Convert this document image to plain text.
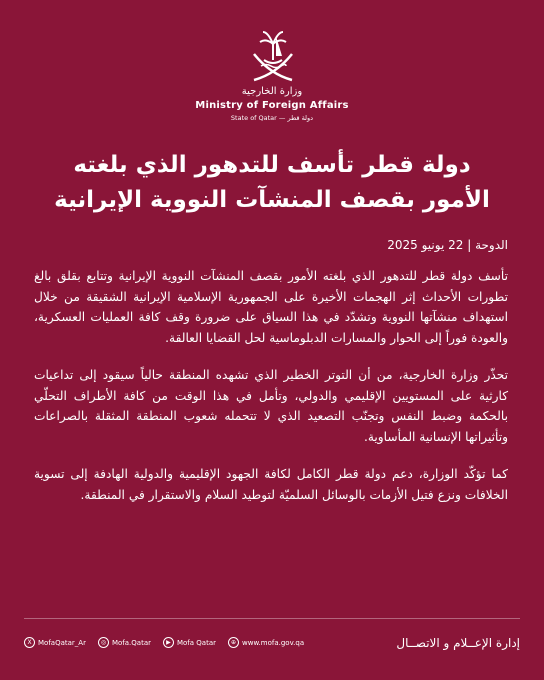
وزارة الخارجية
Ministry of Foreign Affairs
State of Qatar — دولة قطر
دولة قطر تأسف للتدهور الذي بلغته الأمور بقصف المنشآت النووية الإيرانية
الدوحة | 22 يونيو 2025

تأسف دولة قطر للتدهور الذي بلغته الأمور بقصف المنشآت النووية الإيرانية وتتابع بقلق بالغ تطورات الأحداث إثر الهجمات الأخيرة على الجمهورية الإسلامية الإيرانية الشقيقة من خلال استهداف منشآتها النووية وتشدّد في هذا السياق على ضرورة وقف كافة العمليات العسكرية، والعودة فوراً إلى الحوار والمسارات الدبلوماسية لحل القضايا العالقة.

تحذّر وزارة الخارجية، من أن التوتر الخطير الذي تشهده المنطقة حالياً سيقود إلى تداعيات كارثية على المستويين الإقليمي والدولي، وتأمل في هذا الوقت من كافة الأطراف التحلّي بالحكمة وضبط النفس وتجنّب التصعيد الذي لا تتحمله شعوب المنطقة المثقلة بالصراعات وتأثيراتها الإنسانية المأساوية.

كما تؤكّد الوزارة، دعم دولة قطر الكامل لكافة الجهود الإقليمية والدولية الهادفة إلى تسوية الخلافات ونزع فتيل الأزمات بالوسائل السلميّة لتوطيد السلام والاستقرار في المنطقة.

إدارة الإعــلام و الاتصــال
X MofaQatar_Ar	◎ Mofa.Qatar	▶ Mofa Qatar	⊕ www.mofa.gov.qa
